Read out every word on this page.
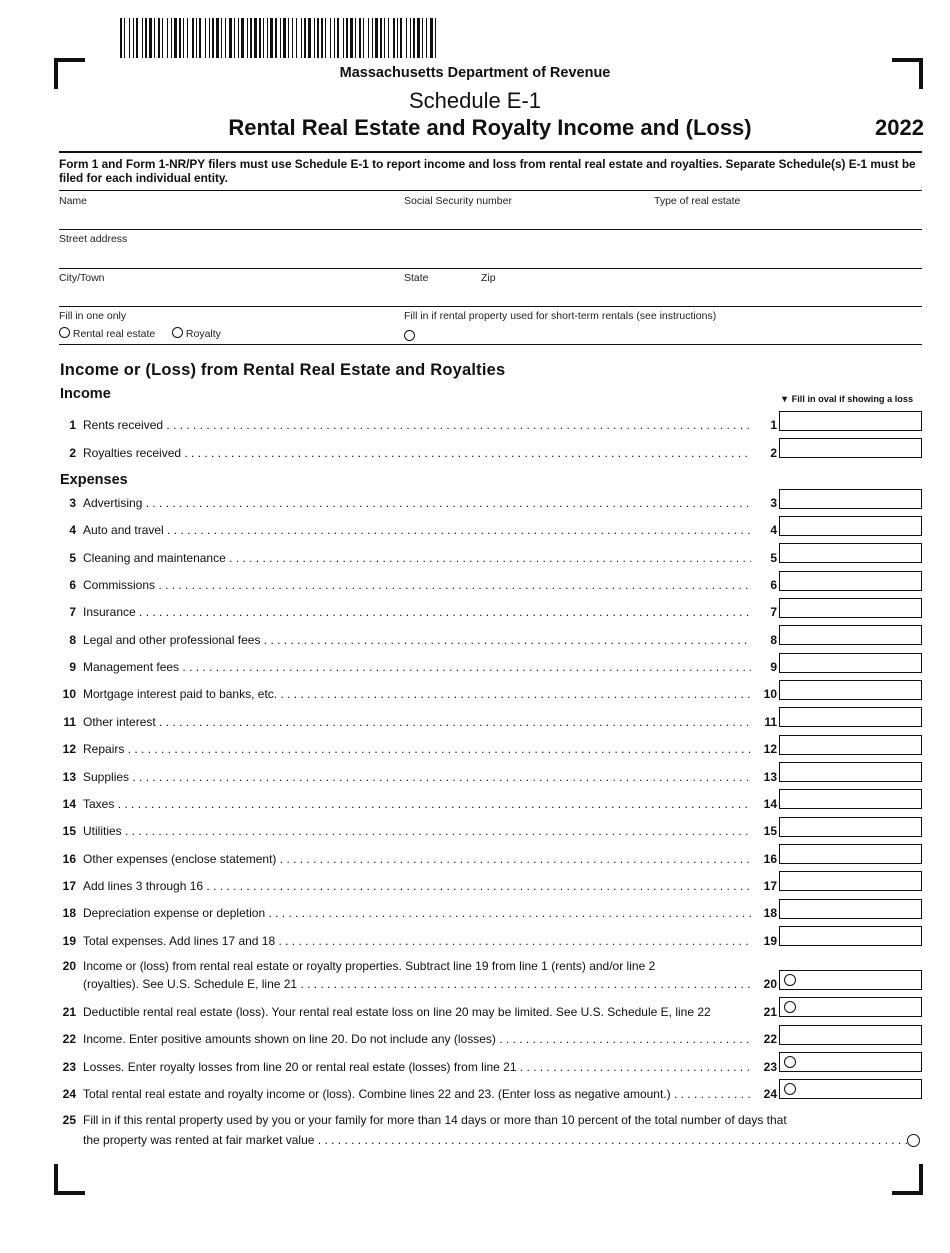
Massachusetts Department of Revenue
Schedule E-1
Rental Real Estate and Royalty Income and (Loss)	2022
Form 1 and Form 1-NR/PY filers must use Schedule E-1 to report income and loss from rental real estate and royalties. Separate Schedule(s) E-1 must be filed for each individual entity.
Name	Social Security number	Type of real estate
Street address
City/Town	State	Zip
Fill in one only
Rental real estate	Royalty
Fill in if rental property used for short-term rentals (see instructions)
Income or (Loss) from Rental Real Estate and Royalties
Income	▼ Fill in oval if showing a loss
Expenses
1 Rents received . . .	1
2 Royalties received . . .	2
3 Advertising . . .	3
4 Auto and travel . . .	4
5 Cleaning and maintenance . . .	5
6 Commissions . . .	6
7 Insurance . . .	7
8 Legal and other professional fees . . .	8
9 Management fees . . .	9
10 Mortgage interest paid to banks, etc. . . .	10
11 Other interest . . .	11
12 Repairs . . .	12
13 Supplies . . .	13
14 Taxes . . .	14
15 Utilities . . .	15
16 Other expenses (enclose statement) . . .	16
17 Add lines 3 through 16 . . .	17
18 Depreciation expense or depletion . . .	18
19 Total expenses. Add lines 17 and 18 . . .	19
20 Income or (loss) from rental real estate or royalty properties. Subtract line 19 from line 1 (rents) and/or line 2
(royalties). See U.S. Schedule E, line 21 . . .	20
21 Deductible rental real estate (loss). Your rental real estate loss on line 20 may be limited. See U.S. Schedule E, line 22	21
22 Income. Enter positive amounts shown on line 20. Do not include any (losses) . . .	22
23 Losses. Enter royalty losses from line 20 or rental real estate (losses) from line 21 . . .	23
24 Total rental real estate and royalty income or (loss). Combine lines 22 and 23. (Enter loss as negative amount.) . . .	24
25 Fill in if this rental property used by you or your family for more than 14 days or more than 10 percent of the total number of days that
the property was rented at fair market value . . .
